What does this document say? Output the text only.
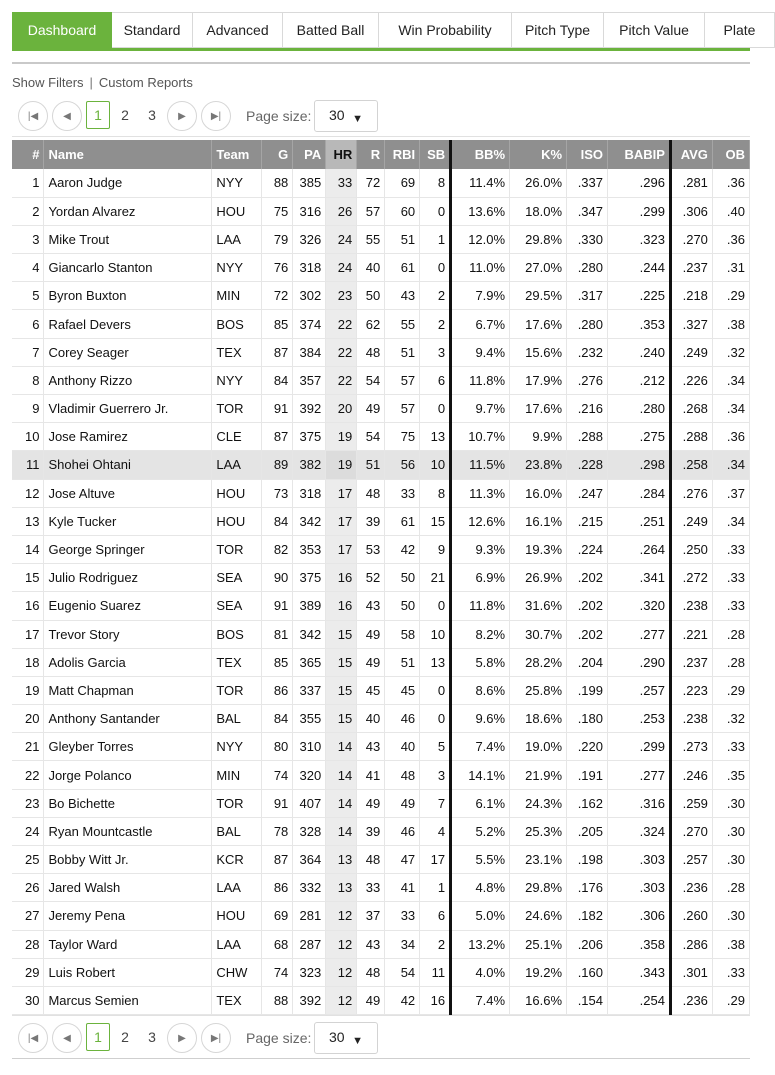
Dashboard	Standard	Advanced	Batted Ball	Win Probability	Pitch Type	Pitch Value	Plate
Show Filters | Custom Reports
|◀	◀	1	2	3	▶	▶|	Page size:	30 ▼
#	Name	Team	G	PA	HR	R	RBI	SB	BB%	K%	ISO	BABIP	AVG	OB
1	Aaron Judge	NYY	88	385	33	72	69	8	11.4%	26.0%	.337	.296	.281	.36
2	Yordan Alvarez	HOU	75	316	26	57	60	0	13.6%	18.0%	.347	.299	.306	.40
3	Mike Trout	LAA	79	326	24	55	51	1	12.0%	29.8%	.330	.323	.270	.36
4	Giancarlo Stanton	NYY	76	318	24	40	61	0	11.0%	27.0%	.280	.244	.237	.31
5	Byron Buxton	MIN	72	302	23	50	43	2	7.9%	29.5%	.317	.225	.218	.29
6	Rafael Devers	BOS	85	374	22	62	55	2	6.7%	17.6%	.280	.353	.327	.38
7	Corey Seager	TEX	87	384	22	48	51	3	9.4%	15.6%	.232	.240	.249	.32
8	Anthony Rizzo	NYY	84	357	22	54	57	6	11.8%	17.9%	.276	.212	.226	.34
9	Vladimir Guerrero Jr.	TOR	91	392	20	49	57	0	9.7%	17.6%	.216	.280	.268	.34
10	Jose Ramirez	CLE	87	375	19	54	75	13	10.7%	9.9%	.288	.275	.288	.36
11	Shohei Ohtani	LAA	89	382	19	51	56	10	11.5%	23.8%	.228	.298	.258	.34
12	Jose Altuve	HOU	73	318	17	48	33	8	11.3%	16.0%	.247	.284	.276	.37
13	Kyle Tucker	HOU	84	342	17	39	61	15	12.6%	16.1%	.215	.251	.249	.34
14	George Springer	TOR	82	353	17	53	42	9	9.3%	19.3%	.224	.264	.250	.33
15	Julio Rodriguez	SEA	90	375	16	52	50	21	6.9%	26.9%	.202	.341	.272	.33
16	Eugenio Suarez	SEA	91	389	16	43	50	0	11.8%	31.6%	.202	.320	.238	.33
17	Trevor Story	BOS	81	342	15	49	58	10	8.2%	30.7%	.202	.277	.221	.28
18	Adolis Garcia	TEX	85	365	15	49	51	13	5.8%	28.2%	.204	.290	.237	.28
19	Matt Chapman	TOR	86	337	15	45	45	0	8.6%	25.8%	.199	.257	.223	.29
20	Anthony Santander	BAL	84	355	15	40	46	0	9.6%	18.6%	.180	.253	.238	.32
21	Gleyber Torres	NYY	80	310	14	43	40	5	7.4%	19.0%	.220	.299	.273	.33
22	Jorge Polanco	MIN	74	320	14	41	48	3	14.1%	21.9%	.191	.277	.246	.35
23	Bo Bichette	TOR	91	407	14	49	49	7	6.1%	24.3%	.162	.316	.259	.30
24	Ryan Mountcastle	BAL	78	328	14	39	46	4	5.2%	25.3%	.205	.324	.270	.30
25	Bobby Witt Jr.	KCR	87	364	13	48	47	17	5.5%	23.1%	.198	.303	.257	.30
26	Jared Walsh	LAA	86	332	13	33	41	1	4.8%	29.8%	.176	.303	.236	.28
27	Jeremy Pena	HOU	69	281	12	37	33	6	5.0%	24.6%	.182	.306	.260	.30
28	Taylor Ward	LAA	68	287	12	43	34	2	13.2%	25.1%	.206	.358	.286	.38
29	Luis Robert	CHW	74	323	12	48	54	11	4.0%	19.2%	.160	.343	.301	.33
30	Marcus Semien	TEX	88	392	12	49	42	16	7.4%	16.6%	.154	.254	.236	.29
|◀	◀	1	2	3	▶	▶|	Page size:	30 ▼
